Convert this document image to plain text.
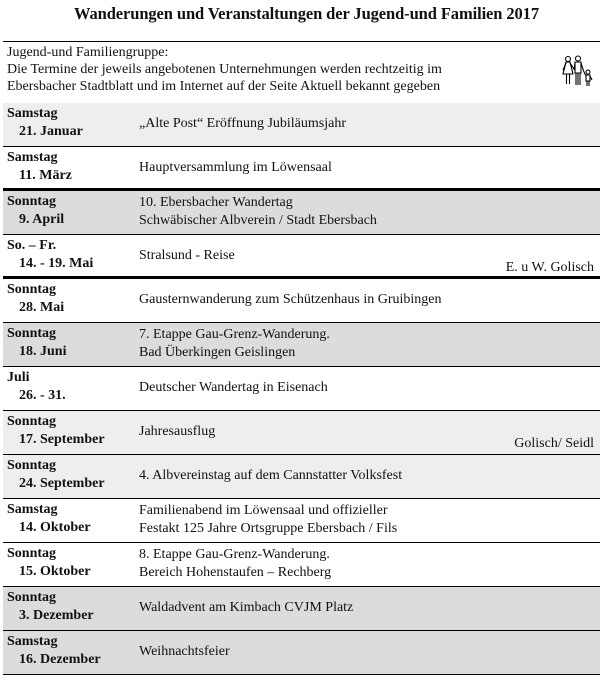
Wanderungen und Veranstaltungen der Jugend-und Familien 2017
Jugend-und Familiengruppe:
Die Termine der jeweils angebotenen Unternehmungen werden rechtzeitig im
Ebersbacher Stadtblatt und im Internet auf der Seite Aktuell bekannt gegeben
Samstag
21. Januar
„Alte Post“ Eröffnung Jubiläumsjahr
Samstag
11. März
Hauptversammlung im Löwensaal
Sonntag
9. April
10. Ebersbacher Wandertag
Schwäbischer Albverein / Stadt Ebersbach
So. – Fr.
14. - 19. Mai
Stralsund - Reise
E. u W. Golisch
Sonntag
28. Mai
Gausternwanderung zum Schützenhaus in Gruibingen
Sonntag
18. Juni
7. Etappe Gau-Grenz-Wanderung.
Bad Überkingen Geislingen
Juli
26. - 31.
Deutscher Wandertag in Eisenach
Sonntag
17. September
Jahresausflug
Golisch/ Seidl
Sonntag
24. September
4. Albvereinstag auf dem Cannstatter Volksfest
Samstag
14. Oktober
Familienabend im Löwensaal und offizieller
Festakt 125 Jahre Ortsgruppe Ebersbach / Fils
Sonntag
15. Oktober
8. Etappe Gau-Grenz-Wanderung.
Bereich Hohenstaufen – Rechberg
Sonntag
3. Dezember
Waldadvent am Kimbach CVJM Platz
Samstag
16. Dezember
Weihnachtsfeier
